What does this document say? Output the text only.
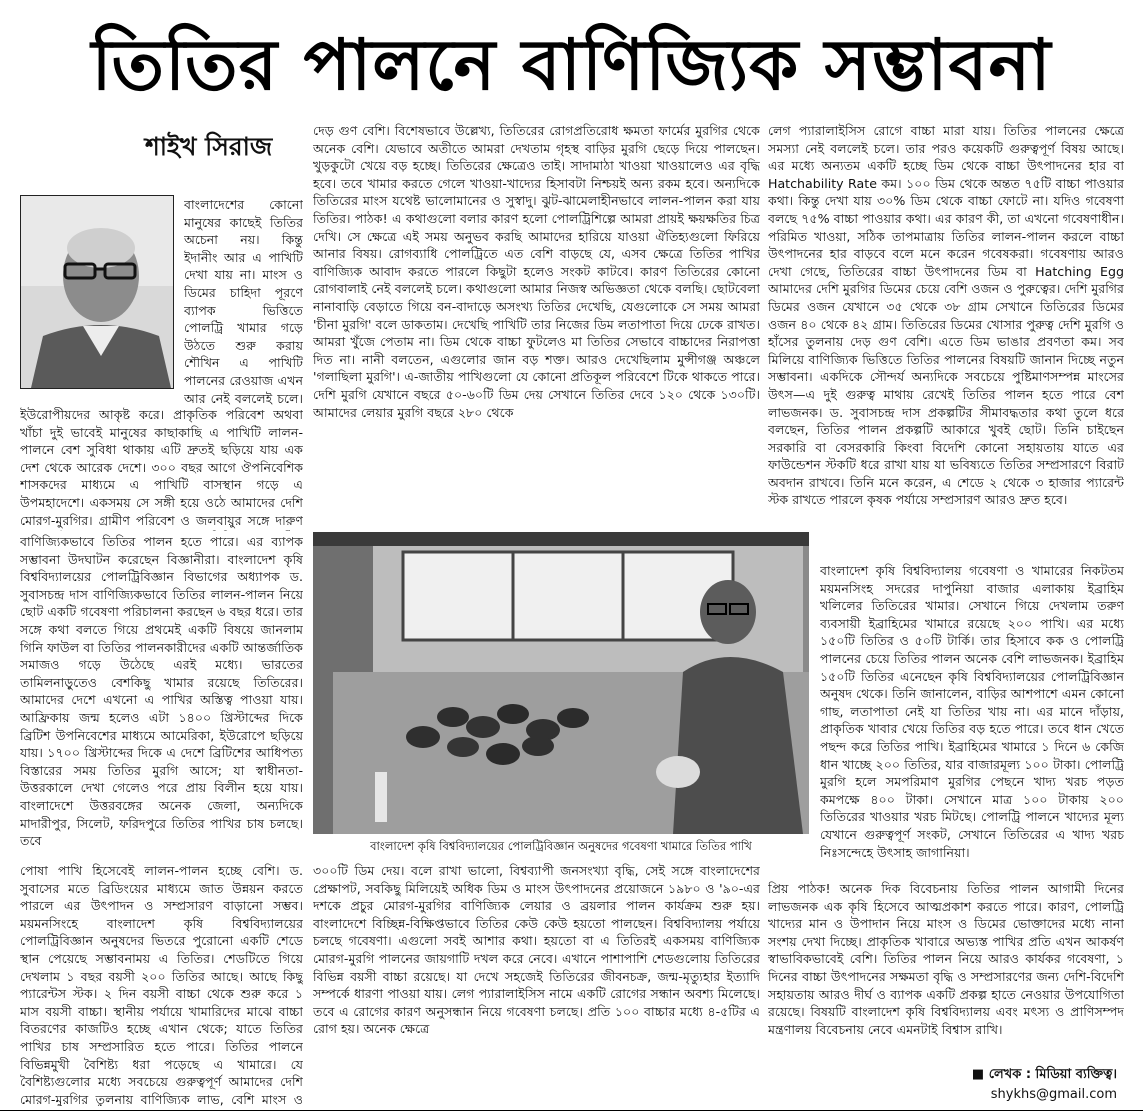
তিতির পালনে বাণিজ্যিক সম্ভাবনা
শাইখ সিরাজ

বাংলাদেশের কোনো মানুষের কাছেই তিতির অচেনা নয়। কিন্তু ইদানীং আর এ পাখিটি দেখা যায় না। মাংস ও ডিমের চাহিদা পূরণে ব্যাপক ভিত্তিতে পোলট্রি খামার গড়ে উঠতে শুরু করায় শৌখিন এ পাখিটি পালনের রেওয়াজ এখন আর নেই বললেই চলে।

ইউরোপীয়দের আকৃষ্ট করে। প্রাকৃতিক পরিবেশ অথবা খাঁচা দুই ভাবেই মানুষের কাছাকাছি এ পাখিটি লালন-পালনে বেশ সুবিধা থাকায় এটি দ্রুতই ছড়িয়ে যায় এক দেশ থেকে আরেক দেশে। ৩০০ বছর আগে ঔপনিবেশিক শাসকদের মাধ্যমে এ পাখিটি বাসস্থান গড়ে এ উপমহাদেশে। একসময় সে সঙ্গী হয়ে ওঠে আমাদের দেশি মোরগ-মুরগির। গ্রামীণ পরিবেশ ও জলবায়ুর সঙ্গে দারুণ

বাণিজ্যিকভাবে তিতির পালন হতে পারে। এর ব্যাপক সম্ভাবনা উদঘাটন করেছেন বিজ্ঞানীরা। বাংলাদেশ কৃষি বিশ্ববিদ্যালয়ের পোলট্রিবিজ্ঞান বিভাগের অধ্যাপক ড. সুবাসচন্দ্র দাস বাণিজ্যিকভাবে তিতির লালন-পালন নিয়ে ছোট একটি গবেষণা পরিচালনা করছেন ৬ বছর ধরে। তার সঙ্গে কথা বলতে গিয়ে প্রথমেই একটি বিষয়ে জানলাম গিনি ফাউল বা তিতির পালনকারীদের একটি আন্তর্জাতিক সমাজও গড়ে উঠেছে এরই মধ্যে। ভারতের তামিলনাড়ুতেও বেশকিছু খামার রয়েছে তিতিরের। আমাদের দেশে এখনো এ পাখির অস্তিত্ব পাওয়া যায়। আফ্রিকায় জন্ম হলেও এটা ১৪০০ খ্রিস্টাব্দের দিকে ব্রিটিশ উপনিবেশের মাধ্যমে আমেরিকা, ইউরোপে ছড়িয়ে যায়। ১৭০০ খ্রিস্টাব্দের দিকে এ দেশে ব্রিটিশের আধিপত্য বিস্তারের সময় তিতির মুরগি আসে; যা স্বাধীনতা-উত্তরকালে দেখা গেলেও পরে প্রায় বিলীন হয়ে যায়। বাংলাদেশে উত্তরবঙ্গের অনেক জেলা, অন্যদিকে মাদারীপুর, সিলেট, ফরিদপুরে তিতির পাখির চাষ চলছে। তবে

পোষা পাখি হিসেবেই লালন-পালন হচ্ছে বেশি। ড. সুবাসের মতে ব্রিডিংয়ের মাধ্যমে জাত উন্নয়ন করতে পারলে এর উৎপাদন ও সম্প্রসারণ বাড়ানো সম্ভব। ময়মনসিংহে বাংলাদেশ কৃষি বিশ্ববিদ্যালয়ের পোলট্রিবিজ্ঞান অনুষদের ভিতরে পুরোনো একটি শেডে স্থান পেয়েছে সম্ভাবনাময় এ তিতির। শেডটিতে গিয়ে দেখলাম ১ বছর বয়সী ২০০ তিতির আছে। আছে কিছু প্যারেন্টস স্টক। ২ দিন বয়সী বাচ্চা থেকে শুরু করে ১ মাস বয়সী বাচ্চা। স্থানীয় পর্যায়ে খামারিদের মাঝে বাচ্চা বিতরণের কাজটিও হচ্ছে এখান থেকে; যাতে তিতির পাখির চাষ সম্প্রসারিত হতে পারে। তিতির পালনে বিভিন্নমুখী বৈশিষ্ট্য ধরা পড়েছে এ খামারে। যে বৈশিষ্ট্যগুলোর মধ্যে সবচেয়ে গুরুত্বপূর্ণ আমাদের দেশি মোরগ-মুরগির তুলনায় বাণিজ্যিক লাভ, বেশি মাংস ও

দেড় গুণ বেশি। বিশেষভাবে উল্লেখ্য, তিতিরের রোগপ্রতিরোধ ক্ষমতা ফার্মের মুরগির থেকে অনেক বেশি। যেভাবে অতীতে আমরা দেখতাম গৃহস্থ বাড়ির মুরগি ছেড়ে দিয়ে পালছেন। খুড়কুটো খেয়ে বড় হচ্ছে। তিতিরের ক্ষেত্রেও তাই। সাদামাঠা খাওয়া খাওয়ালেও এর বৃদ্ধি হবে। তবে খামার করতে গেলে খাওয়া-খাদ্যের হিসাবটা নিশ্চয়ই অন্য রকম হবে। অন্যদিকে তিতিরের মাংস যথেষ্ট ভালোমানের ও সুস্বাদু। ঝুট-ঝামেলাহীনভাবে লালন-পালন করা যায় তিতির। পাঠক! এ কথাগুলো বলার কারণ হলো পোলট্রিশিল্পে আমরা প্রায়ই ক্ষয়ক্ষতির চিত্র দেখি। সে ক্ষেত্রে এই সময় অনুভব করছি আমাদের হারিয়ে যাওয়া ঐতিহ্যগুলো ফিরিয়ে আনার বিষয়। রোগব্যাধি পোলট্রিতে এত বেশি বাড়ছে যে, এসব ক্ষেত্রে তিতির পাখির বাণিজ্যিক আবাদ করতে পারলে কিছুটা হলেও সংকট কাটবে। কারণ তিতিরের কোনো রোগবালাই নেই বললেই চলে। কথাগুলো আমার নিজস্ব অভিজ্ঞতা থেকে বলছি। ছোটবেলা নানাবাড়ি বেড়াতে গিয়ে বন-বাদাড়ে অসংখ্য তিতির দেখেছি, যেগুলোকে সে সময় আমরা 'চীনা মুরগি' বলে ডাকতাম। দেখেছি পাখিটি তার নিজের ডিম লতাপাতা দিয়ে ঢেকে রাখত। আমরা খুঁজে পেতাম না। ডিম থেকে বাচ্চা ফুটলেও মা তিতির সেভাবে বাচ্চাদের নিরাপত্তা দিত না। নানী বলতেন, এগুলোর জান বড় শক্ত। আরও দেখেছিলাম মুন্সীগঞ্জ অঞ্চলে 'গলাছিলা মুরগি'। এ-জাতীয় পাখিগুলো যে কোনো প্রতিকূল পরিবেশে টিকে থাকতে পারে। দেশি মুরগি যেখানে বছরে ৫০-৬০টি ডিম দেয় সেখানে তিতির দেবে ১২০ থেকে ১৩০টি। আমাদের লেয়ার মুরগি বছরে ২৮০ থেকে

বাংলাদেশ কৃষি বিশ্ববিদ্যালয়ের পোলট্রিবিজ্ঞান অনুষদের গবেষণা খামারে তিতির পাখি

৩০০টি ডিম দেয়। বলে রাখা ভালো, বিশ্বব্যাপী জনসংখ্যা বৃদ্ধি, সেই সঙ্গে বাংলাদেশের প্রেক্ষাপট, সবকিছু মিলিয়েই অধিক ডিম ও মাংস উৎপাদনের প্রয়োজনে ১৯৮০ ও '৯০-এর দশকে প্রচুর মোরগ-মুরগির বাণিজ্যিক লেয়ার ও ব্রয়লার পালন কার্যক্রম শুরু হয়। বাংলাদেশে বিচ্ছিন্ন-বিক্ষিপ্তভাবে তিতির কেউ কেউ হয়তো পালছেন। বিশ্ববিদ্যালয় পর্যায়ে চলছে গবেষণা। এগুলো সবই আশার কথা। হয়তো বা এ তিতিরই একসময় বাণিজ্যিক মোরগ-মুরগি পালনের জায়গাটি দখল করে নেবে। এখানে পাশাপাশি শেডগুলোয় তিতিরের বিভিন্ন বয়সী বাচ্চা রয়েছে। যা দেখে সহজেই তিতিরের জীবনচক্র, জন্ম-মৃত্যুহার ইত্যাদি সম্পর্কে ধারণা পাওয়া যায়। লেগ প্যারালাইসিস নামে একটি রোগের সন্ধান অবশ্য মিলেছে। তবে এ রোগের কারণ অনুসন্ধান নিয়ে গবেষণা চলছে। প্রতি ১০০ বাচ্চার মধ্যে ৪-৫টির এ রোগ হয়। অনেক ক্ষেত্রে

লেগ প্যারালাইসিস রোগে বাচ্চা মারা যায়। তিতির পালনের ক্ষেত্রে সমস্যা নেই বললেই চলে। তার পরও কয়েকটি গুরুত্বপূর্ণ বিষয় আছে। এর মধ্যে অন্যতম একটি হচ্ছে ডিম থেকে বাচ্চা উৎপাদনের হার বা Hatchability Rate কম। ১০০ ডিম থেকে অন্তত ৭৫টি বাচ্চা পাওয়ার কথা। কিন্তু দেখা যায় ৩০% ডিম থেকে বাচ্চা ফোটে না। যদিও গবেষণা বলছে ৭৫% বাচ্চা পাওয়ার কথা। এর কারণ কী, তা এখনো গবেষণাধীন। পরিমিত খাওয়া, সঠিক তাপমাত্রায় তিতির লালন-পালন করলে বাচ্চা উৎপাদনের হার বাড়বে বলে মনে করেন গবেষকরা। গবেষণায় আরও দেখা গেছে, তিতিরের বাচ্চা উৎপাদনের ডিম বা Hatching Egg আমাদের দেশি মুরগির ডিমের চেয়ে বেশি ওজন ও পুরুত্বের। দেশি মুরগির ডিমের ওজন যেখানে ৩৫ থেকে ৩৮ গ্রাম সেখানে তিতিরের ডিমের ওজন ৪০ থেকে ৪২ গ্রাম। তিতিরের ডিমের খোসার পুরুত্ব দেশি মুরগি ও হাঁসের তুলনায় দেড় গুণ বেশি। এতে ডিম ভাঙার প্রবণতা কম। সব মিলিয়ে বাণিজ্যিক ভিত্তিতে তিতির পালনের বিষয়টি জানান দিচ্ছে নতুন সম্ভাবনা। একদিকে সৌন্দর্য অন্যদিকে সবচেয়ে পুষ্টিমাণসম্পন্ন মাংসের উৎস—এ দুই গুরুত্ব মাথায় রেখেই তিতির পালন হতে পারে বেশ লাভজনক। ড. সুবাসচন্দ্র দাস প্রকল্পটির সীমাবদ্ধতার কথা তুলে ধরে বলছেন, তিতির পালন প্রকল্পটি আকারে খুবই ছোট। তিনি চাইছেন সরকারি বা বেসরকারি কিংবা বিদেশি কোনো সহায়তায় যাতে এর ফাউন্ডেশন স্টকটি ধরে রাখা যায় যা ভবিষ্যতে তিতির সম্প্রসারণে বিরাট অবদান রাখবে। তিনি মনে করেন, এ শেডে ২ থেকে ৩ হাজার প্যারেন্ট স্টক রাখতে পারলে কৃষক পর্যায়ে সম্প্রসারণ আরও দ্রুত হবে।

বাংলাদেশ কৃষি বিশ্ববিদ্যালয় গবেষণা ও খামারের নিকটতম ময়মনসিংহ সদরের দাপুনিয়া বাজার এলাকায় ইব্রাহিম খলিলের তিতিরের খামার। সেখানে গিয়ে দেখলাম তরুণ ব্যবসায়ী ইব্রাহিমের খামারে রয়েছে ২০০ পাখি। এর মধ্যে ১৫০টি তিতির ও ৫০টি টার্কি। তার হিসাবে কক ও পোলট্রি পালনের চেয়ে তিতির পালন অনেক বেশি লাভজনক। ইব্রাহিম ১৫০টি তিতির এনেছেন কৃষি বিশ্ববিদ্যালয়ের পোলট্রিবিজ্ঞান অনুষদ থেকে। তিনি জানালেন, বাড়ির আশপাশে এমন কোনো গাছ, লতাপাতা নেই যা তিতির খায় না। এর মানে দাঁড়ায়, প্রাকৃতিক খাবার খেয়ে তিতির বড় হতে পারে। তবে ধান খেতে পছন্দ করে তিতির পাখি। ইব্রাহিমের খামারে ১ দিনে ৬ কেজি ধান খাচ্ছে ২০০ তিতির, যার বাজারমূল্য ১০০ টাকা। পোলট্রি মুরগি হলে সমপরিমাণ মুরগির পেছনে খাদ্য খরচ পড়ত কমপক্ষে ৪০০ টাকা। সেখানে মাত্র ১০০ টাকায় ২০০ তিতিরের খাওয়ার খরচ মিটছে। পোলট্রি পালনে খাদ্যের মূল্য যেখানে গুরুত্বপূর্ণ সংকট, সেখানে তিতিরের এ খাদ্য খরচ নিঃসন্দেহে উৎসাহ জাগানিয়া।

প্রিয় পাঠক! অনেক দিক বিবেচনায় তিতির পালন আগামী দিনের লাভজনক এক কৃষি হিসেবে আত্মপ্রকাশ করতে পারে। কারণ, পোলট্রি খাদ্যের মান ও উপাদান নিয়ে মাংস ও ডিমের ভোক্তাদের মধ্যে নানা সংশয় দেখা দিচ্ছে। প্রাকৃতিক খাবারে অভ্যস্ত পাখির প্রতি এখন আকর্ষণ স্বাভাবিকভাবেই বেশি। তিতির পালন নিয়ে আরও কার্যকর গবেষণা, ১ দিনের বাচ্চা উৎপাদনের সক্ষমতা বৃদ্ধি ও সম্প্রসারণের জন্য দেশি-বিদেশি সহায়তায় আরও দীর্ঘ ও ব্যাপক একটি প্রকল্প হাতে নেওয়ার উপযোগিতা রয়েছে। বিষয়টি বাংলাদেশ কৃষি বিশ্ববিদ্যালয় এবং মৎস্য ও প্রাণিসম্পদ মন্ত্রণালয় বিবেচনায় নেবে এমনটাই বিশ্বাস রাখি।

■ লেখক : মিডিয়া ব্যক্তিত্ব।
shykhs@gmail.com
